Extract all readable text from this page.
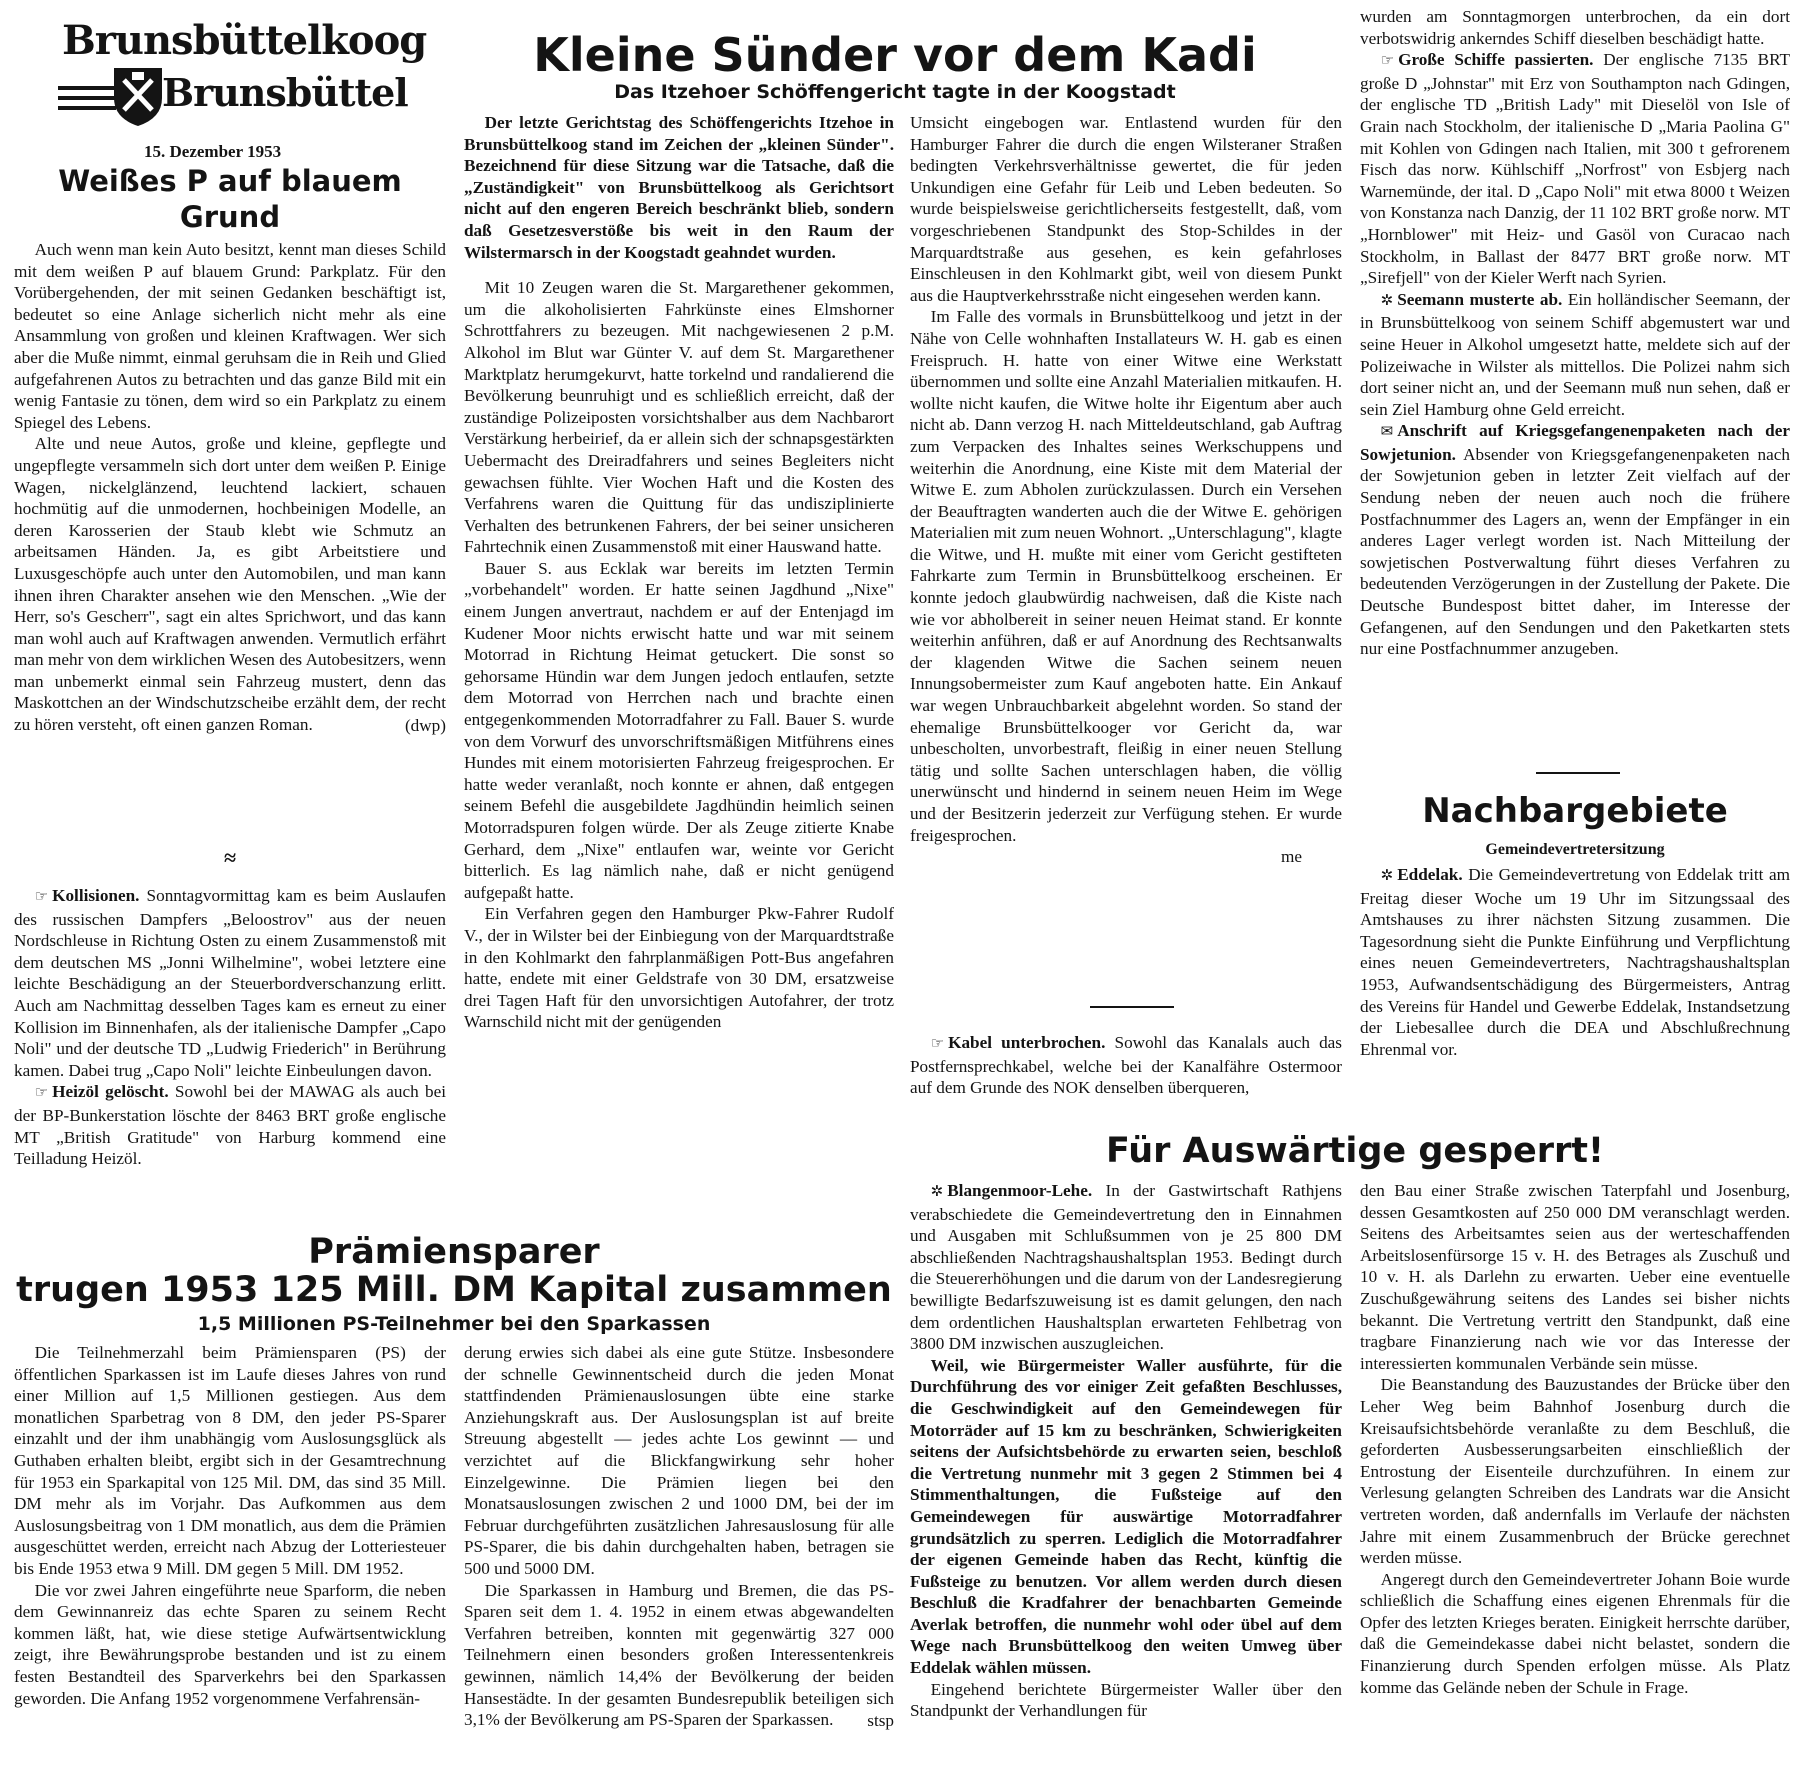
Brunsbüttelkoog
Brunsbüttel
15. Dezember 1953
Weißes P auf blauem Grund

Auch wenn man kein Auto besitzt, kennt man dieses Schild mit dem weißen P auf blauem Grund: Parkplatz. Für den Vorübergehenden, der mit seinen Gedanken beschäftigt ist, bedeutet so eine Anlage sicherlich nicht mehr als eine Ansammlung von großen und kleinen Kraftwagen. Wer sich aber die Muße nimmt, einmal geruhsam die in Reih und Glied aufgefahrenen Autos zu betrachten und das ganze Bild mit ein wenig Fantasie zu tönen, dem wird so ein Parkplatz zu einem Spiegel des Lebens.

Alte und neue Autos, große und kleine, gepflegte und ungepflegte versammeln sich dort unter dem weißen P. Einige Wagen, nickelglänzend, leuchtend lackiert, schauen hochmütig auf die unmodernen, hochbeinigen Modelle, an deren Karosserien der Staub klebt wie Schmutz an arbeitsamen Händen. Ja, es gibt Arbeitstiere und Luxusgeschöpfe auch unter den Automobilen, und man kann ihnen ihren Charakter ansehen wie den Menschen. „Wie der Herr, so's Gescherr", sagt ein altes Sprichwort, und das kann man wohl auch auf Kraftwagen anwenden. Vermutlich erfährt man mehr von dem wirklichen Wesen des Autobesitzers, wenn man unbemerkt einmal sein Fahrzeug mustert, denn das Maskottchen an der Windschutzscheibe erzählt dem, der recht zu hören versteht, oft einen ganzen Roman.	(dwp)
≈

☞ Kollisionen. Sonntagvormittag kam es beim Auslaufen des russischen Dampfers „Beloostrov" aus der neuen Nordschleuse in Richtung Osten zu einem Zusammenstoß mit dem deutschen MS „Jonni Wilhelmine", wobei letztere eine leichte Beschädigung an der Steuerbordverschanzung erlitt. Auch am Nachmittag desselben Tages kam es erneut zu einer Kollision im Binnenhafen, als der italienische Dampfer „Capo Noli" und der deutsche TD „Ludwig Friederich" in Berührung kamen. Dabei trug „Capo Noli" leichte Einbeulungen davon.

☞ Heizöl gelöscht. Sowohl bei der MAWAG als auch bei der BP-Bunkerstation löschte der 8463 BRT große englische MT „British Gratitude" von Harburg kommend eine Teilladung Heizöl.

Kleine Sünder vor dem Kadi
Das Itzehoer Schöffengericht tagte in der Koogstadt

Der letzte Gerichtstag des Schöffengerichts Itzehoe in Brunsbüttelkoog stand im Zeichen der „kleinen Sünder". Bezeichnend für diese Sitzung war die Tatsache, daß die „Zuständigkeit" von Brunsbüttelkoog als Gerichtsort nicht auf den engeren Bereich beschränkt blieb, sondern daß Gesetzesverstöße bis weit in den Raum der Wilstermarsch in der Koogstadt geahndet wurden.

Mit 10 Zeugen waren die St. Margarethener gekommen, um die alkoholisierten Fahrkünste eines Elmshorner Schrottfahrers zu bezeugen. Mit nachgewiesenen 2 p.M. Alkohol im Blut war Günter V. auf dem St. Margarethener Marktplatz herumgekurvt, hatte torkelnd und randalierend die Bevölkerung beunruhigt und es schließlich erreicht, daß der zuständige Polizeiposten vorsichtshalber aus dem Nachbarort Verstärkung herbeirief, da er allein sich der schnapsgestärkten Uebermacht des Dreiradfahrers und seines Begleiters nicht gewachsen fühlte. Vier Wochen Haft und die Kosten des Verfahrens waren die Quittung für das undisziplinierte Verhalten des betrunkenen Fahrers, der bei seiner unsicheren Fahrtechnik einen Zusammenstoß mit einer Hauswand hatte.

Bauer S. aus Ecklak war bereits im letzten Termin „vorbehandelt" worden. Er hatte seinen Jagdhund „Nixe" einem Jungen anvertraut, nachdem er auf der Entenjagd im Kudener Moor nichts erwischt hatte und war mit seinem Motorrad in Richtung Heimat getuckert. Die sonst so gehorsame Hündin war dem Jungen jedoch entlaufen, setzte dem Motorrad von Herrchen nach und brachte einen entgegenkommenden Motorradfahrer zu Fall. Bauer S. wurde von dem Vorwurf des unvorschriftsmäßigen Mitführens eines Hundes mit einem motorisierten Fahrzeug freigesprochen. Er hatte weder veranlaßt, noch konnte er ahnen, daß entgegen seinem Befehl die ausgebildete Jagdhündin heimlich seinen Motorradspuren folgen würde. Der als Zeuge zitierte Knabe Gerhard, dem „Nixe" entlaufen war, weinte vor Gericht bitterlich. Es lag nämlich nahe, daß er nicht genügend aufgepaßt hatte.

Ein Verfahren gegen den Hamburger Pkw-Fahrer Rudolf V., der in Wilster bei der Einbiegung von der Marquardtstraße in den Kohlmarkt den fahrplanmäßigen Pott-Bus angefahren hatte, endete mit einer Geldstrafe von 30 DM, ersatzweise drei Tagen Haft für den unvorsichtigen Autofahrer, der trotz Warnschild nicht mit der genügenden

Umsicht eingebogen war. Entlastend wurden für den Hamburger Fahrer die durch die engen Wilsteraner Straßen bedingten Verkehrsverhältnisse gewertet, die für jeden Unkundigen eine Gefahr für Leib und Leben bedeuten. So wurde beispielsweise gerichtlicherseits festgestellt, daß, vom vorgeschriebenen Standpunkt des Stop-Schildes in der Marquardtstraße aus gesehen, es kein gefahrloses Einschleusen in den Kohlmarkt gibt, weil von diesem Punkt aus die Hauptverkehrsstraße nicht eingesehen werden kann.

Im Falle des vormals in Brunsbüttelkoog und jetzt in der Nähe von Celle wohnhaften Installateurs W. H. gab es einen Freispruch. H. hatte von einer Witwe eine Werkstatt übernommen und sollte eine Anzahl Materialien mitkaufen. H. wollte nicht kaufen, die Witwe holte ihr Eigentum aber auch nicht ab. Dann verzog H. nach Mitteldeutschland, gab Auftrag zum Verpacken des Inhaltes seines Werkschuppens und weiterhin die Anordnung, eine Kiste mit dem Material der Witwe E. zum Abholen zurückzulassen. Durch ein Versehen der Beauftragten wanderten auch die der Witwe E. gehörigen Materialien mit zum neuen Wohnort. „Unterschlagung", klagte die Witwe, und H. mußte mit einer vom Gericht gestifteten Fahrkarte zum Termin in Brunsbüttelkoog erscheinen. Er konnte jedoch glaubwürdig nachweisen, daß die Kiste nach wie vor abholbereit in seiner neuen Heimat stand. Er konnte weiterhin anführen, daß er auf Anordnung des Rechtsanwalts der klagenden Witwe die Sachen seinem neuen Innungsobermeister zum Kauf angeboten hatte. Ein Ankauf war wegen Unbrauchbarkeit abgelehnt worden. So stand der ehemalige Brunsbüttelkooger vor Gericht da, war unbescholten, unvorbestraft, fleißig in einer neuen Stellung tätig und sollte Sachen unterschlagen haben, die völlig unerwünscht und hindernd in seinem neuen Heim im Wege und der Besitzerin jederzeit zur Verfügung stehen. Er wurde freigesprochen.

me

☞ Kabel unterbrochen. Sowohl das Kanalals auch das Postfernsprechkabel, welche bei der Kanalfähre Ostermoor auf dem Grunde des NOK denselben überqueren,

wurden am Sonntagmorgen unterbrochen, da ein dort verbotswidrig ankerndes Schiff dieselben beschädigt hatte.

☞ Große Schiffe passierten. Der englische 7135 BRT große D „Johnstar" mit Erz von Southampton nach Gdingen, der englische TD „British Lady" mit Dieselöl von Isle of Grain nach Stockholm, der italienische D „Maria Paolina G" mit Kohlen von Gdingen nach Italien, mit 300 t gefrorenem Fisch das norw. Kühlschiff „Norfrost" von Esbjerg nach Warnemünde, der ital. D „Capo Noli" mit etwa 8000 t Weizen von Konstanza nach Danzig, der 11 102 BRT große norw. MT „Hornblower" mit Heiz- und Gasöl von Curacao nach Stockholm, in Ballast der 8477 BRT große norw. MT „Sirefjell" von der Kieler Werft nach Syrien.

✲ Seemann musterte ab. Ein holländischer Seemann, der in Brunsbüttelkoog von seinem Schiff abgemustert war und seine Heuer in Alkohol umgesetzt hatte, meldete sich auf der Polizeiwache in Wilster als mittellos. Die Polizei nahm sich dort seiner nicht an, und der Seemann muß nun sehen, daß er sein Ziel Hamburg ohne Geld erreicht.

✉ Anschrift auf Kriegsgefangenenpaketen nach der Sowjetunion. Absender von Kriegsgefangenenpaketen nach der Sowjetunion geben in letzter Zeit vielfach auf der Sendung neben der neuen auch noch die frühere Postfachnummer des Lagers an, wenn der Empfänger in ein anderes Lager verlegt worden ist. Nach Mitteilung der sowjetischen Postverwaltung führt dieses Verfahren zu bedeutenden Verzögerungen in der Zustellung der Pakete. Die Deutsche Bundespost bittet daher, im Interesse der Gefangenen, auf den Sendungen und den Paketkarten stets nur eine Postfachnummer anzugeben.

Nachbargebiete
Gemeindevertretersitzung

✲ Eddelak. Die Gemeindevertretung von Eddelak tritt am Freitag dieser Woche um 19 Uhr im Sitzungssaal des Amtshauses zu ihrer nächsten Sitzung zusammen. Die Tagesordnung sieht die Punkte Einführung und Verpflichtung eines neuen Gemeindevertreters, Nachtragshaushaltsplan 1953, Aufwandsentschädigung des Bürgermeisters, Antrag des Vereins für Handel und Gewerbe Eddelak, Instandsetzung der Liebesallee durch die DEA und Abschlußrechnung Ehrenmal vor.

Für Auswärtige gesperrt!

✲ Blangenmoor-Lehe. In der Gastwirtschaft Rathjens verabschiedete die Gemeindevertretung den in Einnahmen und Ausgaben mit Schlußsummen von je 25 800 DM abschließenden Nachtragshaushaltsplan 1953. Bedingt durch die Steuererhöhungen und die darum von der Landesregierung bewilligte Bedarfszuweisung ist es damit gelungen, den nach dem ordentlichen Haushaltsplan erwarteten Fehlbetrag von 3800 DM inzwischen auszugleichen.

Weil, wie Bürgermeister Waller ausführte, für die Durchführung des vor einiger Zeit gefaßten Beschlusses, die Geschwindigkeit auf den Gemeindewegen für Motorräder auf 15 km zu beschränken, Schwierigkeiten seitens der Aufsichtsbehörde zu erwarten seien, beschloß die Vertretung nunmehr mit 3 gegen 2 Stimmen bei 4 Stimmenthaltungen, die Fußsteige auf den Gemeindewegen für auswärtige Motorradfahrer grundsätzlich zu sperren. Lediglich die Motorradfahrer der eigenen Gemeinde haben das Recht, künftig die Fußsteige zu benutzen. Vor allem werden durch diesen Beschluß die Kradfahrer der benachbarten Gemeinde Averlak betroffen, die nunmehr wohl oder übel auf dem Wege nach Brunsbüttelkoog den weiten Umweg über Eddelak wählen müssen.

Eingehend berichtete Bürgermeister Waller über den Standpunkt der Verhandlungen für

den Bau einer Straße zwischen Taterpfahl und Josenburg, dessen Gesamtkosten auf 250 000 DM veranschlagt werden. Seitens des Arbeitsamtes seien aus der werteschaffenden Arbeitslosenfürsorge 15 v. H. des Betrages als Zuschuß und 10 v. H. als Darlehn zu erwarten. Ueber eine eventuelle Zuschußgewährung seitens des Landes sei bisher nichts bekannt. Die Vertretung vertritt den Standpunkt, daß eine tragbare Finanzierung nach wie vor das Interesse der interessierten kommunalen Verbände sein müsse.

Die Beanstandung des Bauzustandes der Brücke über den Leher Weg beim Bahnhof Josenburg durch die Kreisaufsichtsbehörde veranlaßte zu dem Beschluß, die geforderten Ausbesserungsarbeiten einschließlich der Entrostung der Eisenteile durchzuführen. In einem zur Verlesung gelangten Schreiben des Landrats war die Ansicht vertreten worden, daß andernfalls im Verlaufe der nächsten Jahre mit einem Zusammenbruch der Brücke gerechnet werden müsse.

Angeregt durch den Gemeindevertreter Johann Boie wurde schließlich die Schaffung eines eigenen Ehrenmals für die Opfer des letzten Krieges beraten. Einigkeit herrschte darüber, daß die Gemeindekasse dabei nicht belastet, sondern die Finanzierung durch Spenden erfolgen müsse. Als Platz komme das Gelände neben der Schule in Frage.

Prämiensparer
trugen 1953 125 Mill. DM Kapital zusammen
1,5 Millionen PS-Teilnehmer bei den Sparkassen

Die Teilnehmerzahl beim Prämiensparen (PS) der öffentlichen Sparkassen ist im Laufe dieses Jahres von rund einer Million auf 1,5 Millionen gestiegen. Aus dem monatlichen Sparbetrag von 8 DM, den jeder PS-Sparer einzahlt und der ihm unabhängig vom Auslosungsglück als Guthaben erhalten bleibt, ergibt sich in der Gesamtrechnung für 1953 ein Sparkapital von 125 Mil. DM, das sind 35 Mill. DM mehr als im Vorjahr. Das Aufkommen aus dem Auslosungsbeitrag von 1 DM monatlich, aus dem die Prämien ausgeschüttet werden, erreicht nach Abzug der Lotteriesteuer bis Ende 1953 etwa 9 Mill. DM gegen 5 Mill. DM 1952.

Die vor zwei Jahren eingeführte neue Sparform, die neben dem Gewinnanreiz das echte Sparen zu seinem Recht kommen läßt, hat, wie diese stetige Aufwärtsentwicklung zeigt, ihre Bewährungsprobe bestanden und ist zu einem festen Bestandteil des Sparverkehrs bei den Sparkassen geworden. Die Anfang 1952 vorgenommene Verfahrensän-

derung erwies sich dabei als eine gute Stütze. Insbesondere der schnelle Gewinnentscheid durch die jeden Monat stattfindenden Prämienauslosungen übte eine starke Anziehungskraft aus. Der Auslosungsplan ist auf breite Streuung abgestellt — jedes achte Los gewinnt — und verzichtet auf die Blickfangwirkung sehr hoher Einzelgewinne. Die Prämien liegen bei den Monatsauslosungen zwischen 2 und 1000 DM, bei der im Februar durchgeführten zusätzlichen Jahresauslosung für alle PS-Sparer, die bis dahin durchgehalten haben, betragen sie 500 und 5000 DM.

Die Sparkassen in Hamburg und Bremen, die das PS-Sparen seit dem 1. 4. 1952 in einem etwas abgewandelten Verfahren betreiben, konnten mit gegenwärtig 327 000 Teilnehmern einen besonders großen Interessentenkreis gewinnen, nämlich 14,4% der Bevölkerung der beiden Hansestädte. In der gesamten Bundesrepublik beteiligen sich 3,1% der Bevölkerung am PS-Sparen der Sparkassen.	stsp
